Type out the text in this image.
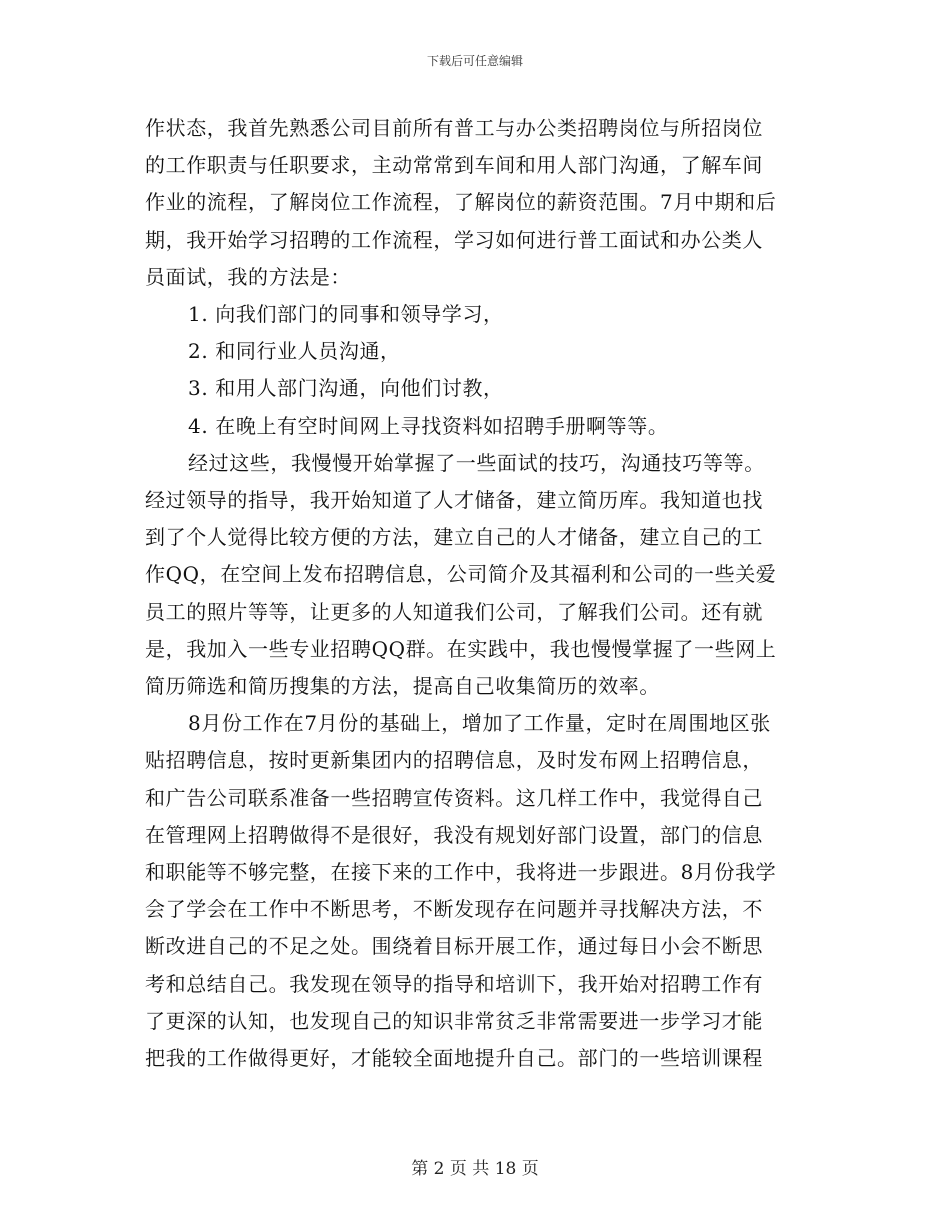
下载后可任意编辑

作状态，我首先熟悉公司目前所有普工与办公类招聘岗位与所招岗位

的工作职责与任职要求，主动常常到车间和用人部门沟通，了解车间

作业的流程，了解岗位工作流程，了解岗位的薪资范围。7月中期和后

期，我开始学习招聘的工作流程，学习如何进行普工面试和办公类人

员面试，我的方法是：

1. 向我们部门的同事和领导学习，

2. 和同行业人员沟通，

3. 和用人部门沟通，向他们讨教，

4. 在晚上有空时间网上寻找资料如招聘手册啊等等。

经过这些，我慢慢开始掌握了一些面试的技巧，沟通技巧等等。

经过领导的指导，我开始知道了人才储备，建立简历库。我知道也找

到了个人觉得比较方便的方法，建立自己的人才储备，建立自己的工

作QQ，在空间上发布招聘信息，公司简介及其福利和公司的一些关爱

员工的照片等等，让更多的人知道我们公司，了解我们公司。还有就

是，我加入一些专业招聘QQ群。在实践中，我也慢慢掌握了一些网上

简历筛选和简历搜集的方法，提高自己收集简历的效率。

8月份工作在7月份的基础上，增加了工作量，定时在周围地区张

贴招聘信息，按时更新集团内的招聘信息，及时发布网上招聘信息，

和广告公司联系准备一些招聘宣传资料。这几样工作中，我觉得自己

在管理网上招聘做得不是很好，我没有规划好部门设置，部门的信息

和职能等不够完整，在接下来的工作中，我将进一步跟进。8月份我学

会了学会在工作中不断思考，不断发现存在问题并寻找解决方法，不

断改进自己的不足之处。围绕着目标开展工作，通过每日小会不断思

考和总结自己。我发现在领导的指导和培训下，我开始对招聘工作有

了更深的认知，也发现自己的知识非常贫乏非常需要进一步学习才能

把我的工作做得更好，才能较全面地提升自己。部门的一些培训课程

第 2 页 共 18 页
